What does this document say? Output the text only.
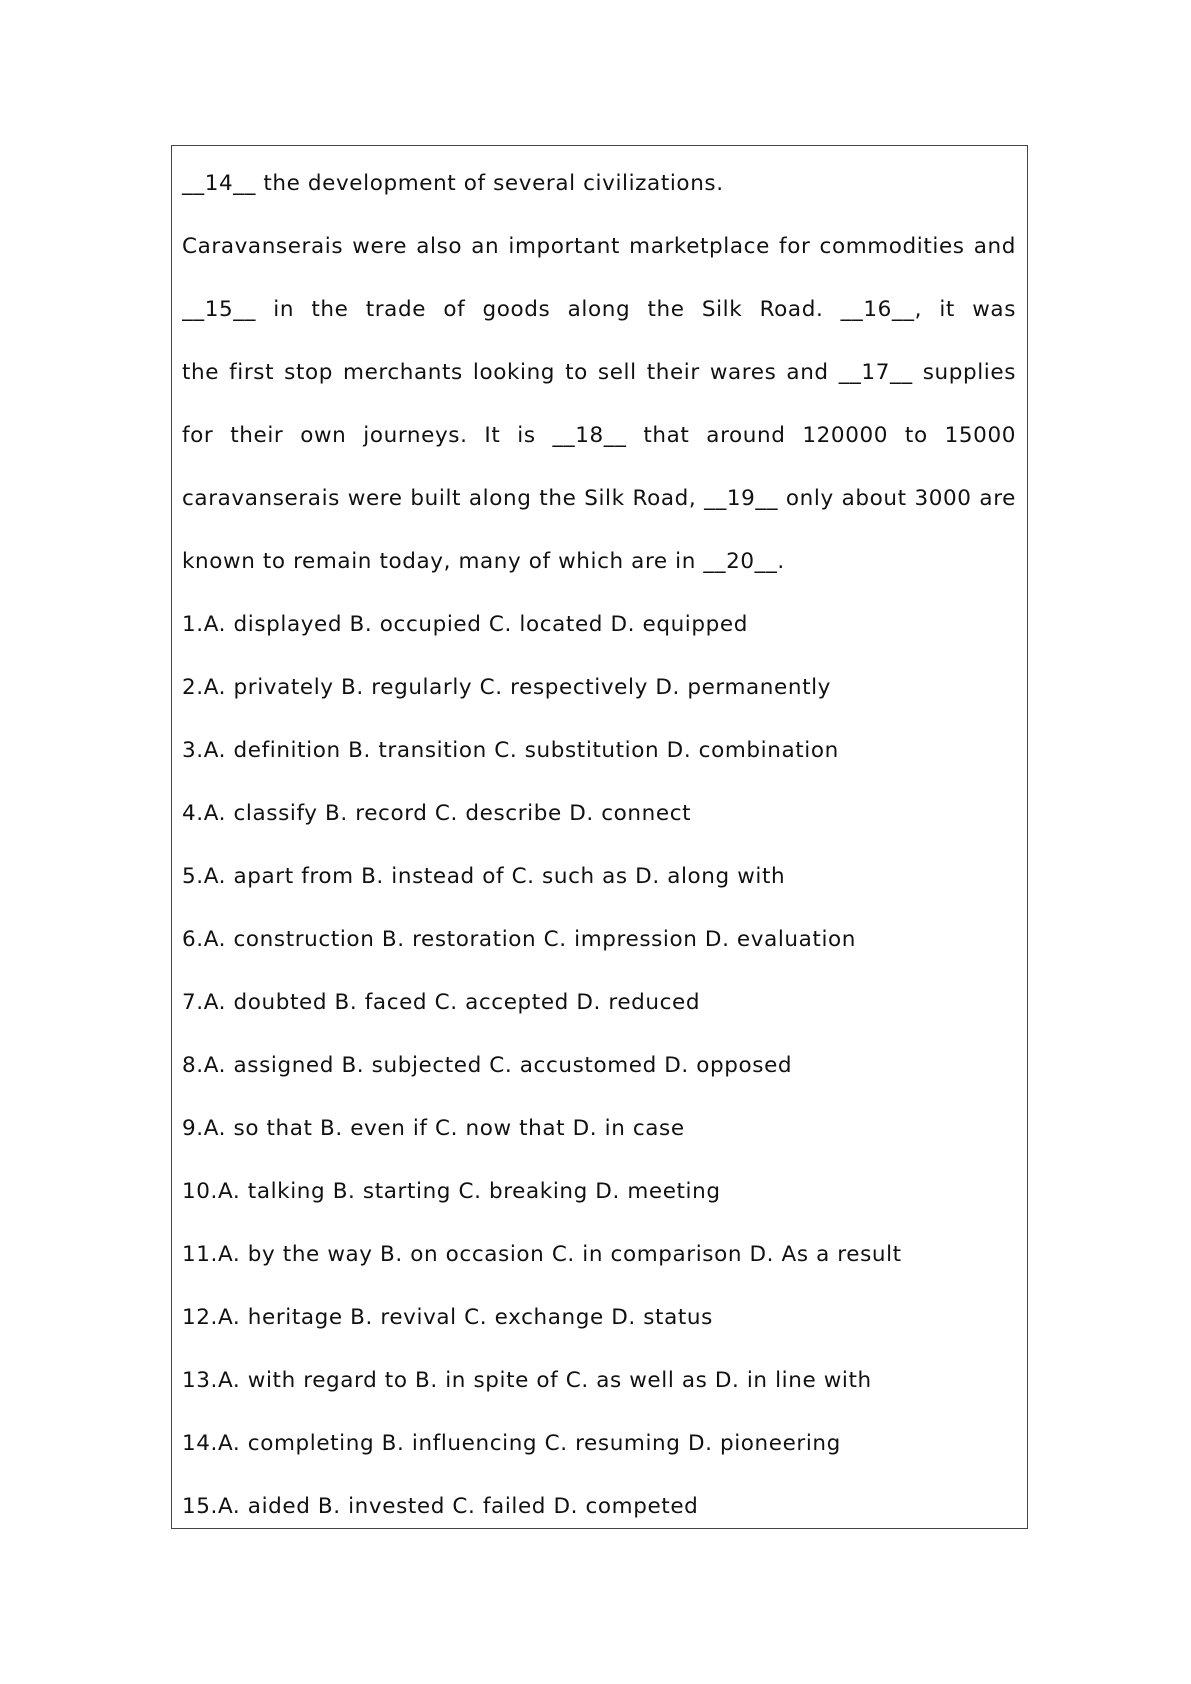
__14__ the development of several civilizations.
Caravanserais were also an important marketplace for commodities and
__15__ in the trade of goods along the Silk Road. __16__, it was
the first stop merchants looking to sell their wares and __17__ supplies
for their own journeys. It is __18__ that around 120000 to 15000
caravanserais were built along the Silk Road, __19__ only about 3000 are
known to remain today, many of which are in __20__.
1.A. displayed B. occupied C. located D. equipped
2.A. privately B. regularly C. respectively D. permanently
3.A. definition B. transition C. substitution D. combination
4.A. classify B. record C. describe D. connect
5.A. apart from B. instead of C. such as D. along with
6.A. construction B. restoration C. impression D. evaluation
7.A. doubted B. faced C. accepted D. reduced
8.A. assigned B. subjected C. accustomed D. opposed
9.A. so that B. even if C. now that D. in case
10.A. talking B. starting C. breaking D. meeting
11.A. by the way B. on occasion C. in comparison D. As a result
12.A. heritage B. revival C. exchange D. status
13.A. with regard to B. in spite of C. as well as D. in line with
14.A. completing B. influencing C. resuming D. pioneering
15.A. aided B. invested C. failed D. competed
